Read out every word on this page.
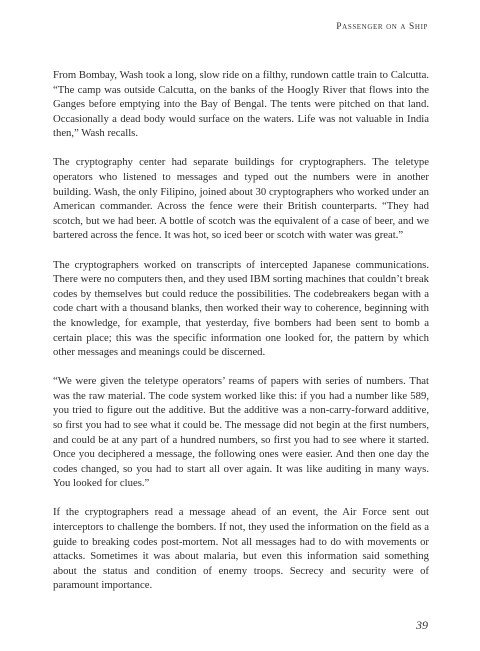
Passenger on a Ship

From Bombay, Wash took a long, slow ride on a filthy, rundown cattle train to Calcutta. “The camp was outside Calcutta, on the banks of the Hoogly River that flows into the Ganges before emptying into the Bay of Bengal. The tents were pitched on that land. Occasionally a dead body would surface on the waters. Life was not valuable in India then,” Wash recalls.

The cryptography center had separate buildings for cryptographers. The teletype operators who listened to messages and typed out the numbers were in another building. Wash, the only Filipino, joined about 30 cryptographers who worked under an American commander. Across the fence were their British counterparts. “They had scotch, but we had beer. A bottle of scotch was the equivalent of a case of beer, and we bartered across the fence. It was hot, so iced beer or scotch with water was great.”

The cryptographers worked on transcripts of intercepted Japanese communications. There were no computers then, and they used IBM sorting machines that couldn’t break codes by themselves but could reduce the possibilities. The codebreakers began with a code chart with a thousand blanks, then worked their way to coherence, beginning with the knowledge, for example, that yesterday, five bombers had been sent to bomb a certain place; this was the specific information one looked for, the pattern by which other messages and meanings could be discerned.

“We were given the teletype operators’ reams of papers with series of numbers. That was the raw material. The code system worked like this: if you had a number like 589, you tried to figure out the additive. But the additive was a non-carry-forward additive, so first you had to see what it could be. The message did not begin at the first numbers, and could be at any part of a hundred numbers, so first you had to see where it started. Once you deciphered a message, the following ones were easier. And then one day the codes changed, so you had to start all over again. It was like auditing in many ways. You looked for clues.”

If the cryptographers read a message ahead of an event, the Air Force sent out interceptors to challenge the bombers. If not, they used the information on the field as a guide to breaking codes post-mortem. Not all messages had to do with movements or attacks. Sometimes it was about malaria, but even this information said something about the status and condition of enemy troops. Secrecy and security were of paramount importance.

39
